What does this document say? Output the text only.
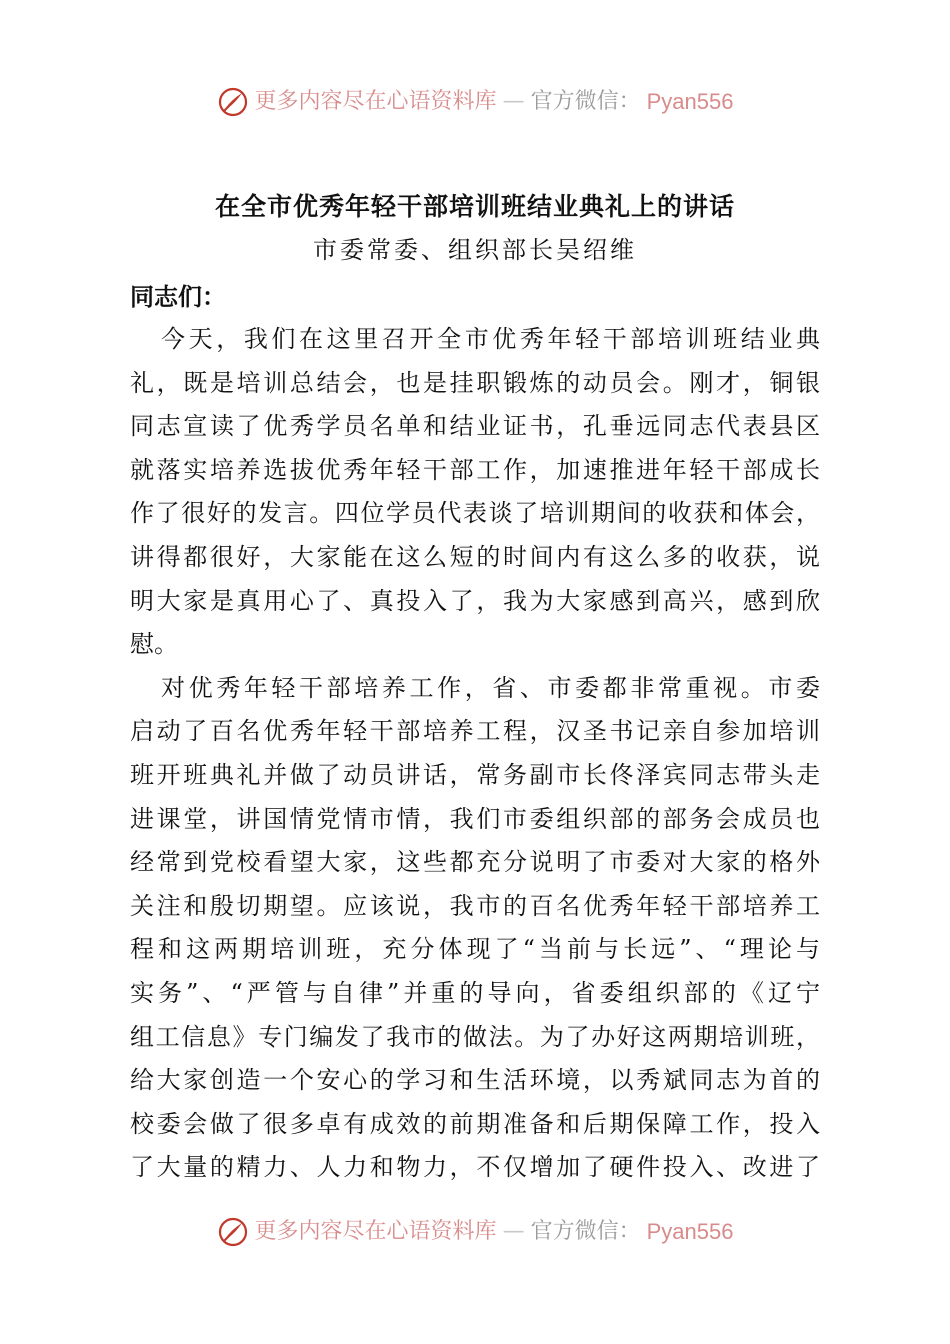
更多内容尽在心语资料库 — 官方微信： Pyan556
在全市优秀年轻干部培训班结业典礼上的讲话
市委常委、组织部长吴绍维
同志们：
今天，我们在这里召开全市优秀年轻干部培训班结业典
礼，既是培训总结会，也是挂职锻炼的动员会。刚才，铜银
同志宣读了优秀学员名单和结业证书，孔垂远同志代表县区
就落实培养选拔优秀年轻干部工作，加速推进年轻干部成长
作了很好的发言。四位学员代表谈了培训期间的收获和体会，
讲得都很好，大家能在这么短的时间内有这么多的收获，说
明大家是真用心了、真投入了，我为大家感到高兴，感到欣
慰。
对优秀年轻干部培养工作，省、市委都非常重视。市委
启动了百名优秀年轻干部培养工程，汉圣书记亲自参加培训
班开班典礼并做了动员讲话，常务副市长佟泽宾同志带头走
进课堂，讲国情党情市情，我们市委组织部的部务会成员也
经常到党校看望大家，这些都充分说明了市委对大家的格外
关注和殷切期望。应该说，我市的百名优秀年轻干部培养工
程和这两期培训班，充分体现了“当前与长远”、“理论与
实务”、“严管与自律”并重的导向，省委组织部的《辽宁
组工信息》专门编发了我市的做法。为了办好这两期培训班，
给大家创造一个安心的学习和生活环境，以秀斌同志为首的
校委会做了很多卓有成效的前期准备和后期保障工作，投入
了大量的精力、人力和物力，不仅增加了硬件投入、改进了
更多内容尽在心语资料库 — 官方微信： Pyan556
